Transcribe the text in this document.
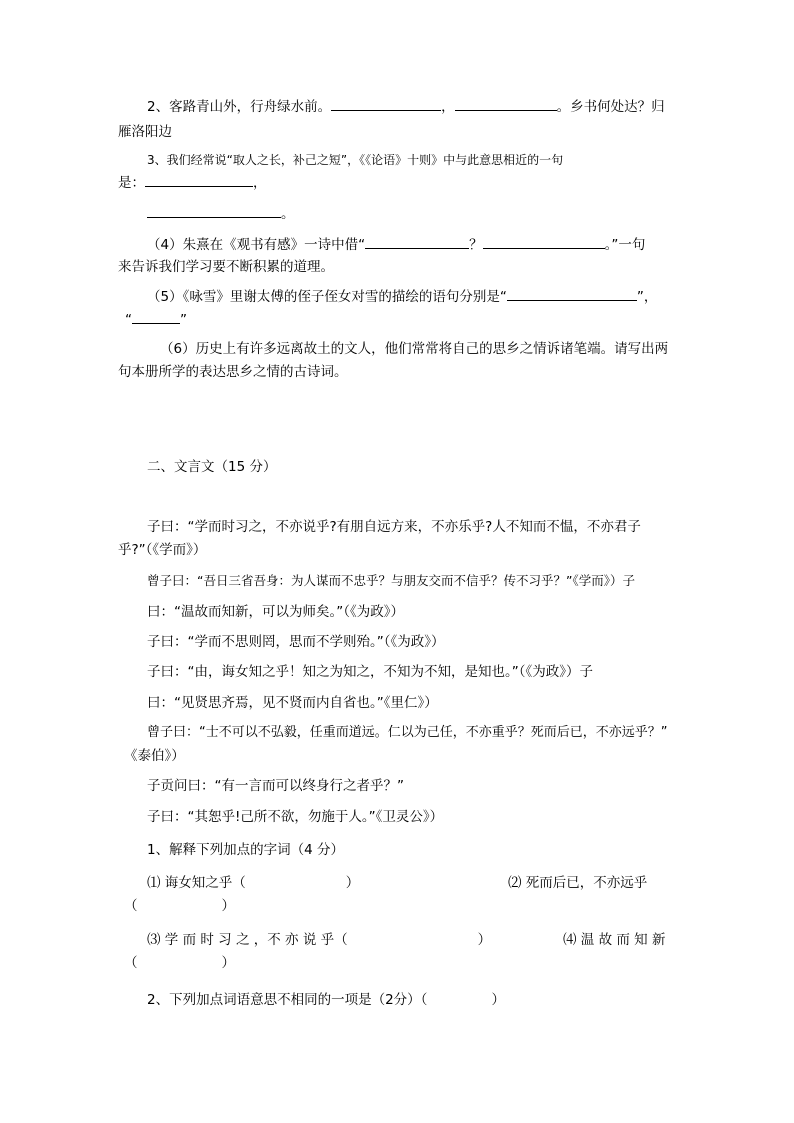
2、客路青山外，行舟绿水前。	，	。乡书何处达？归
雁洛阳边
3、我们经常说“取人之长，补己之短”，《《论语》十则》中与此意思相近的一句
是：	，
。
（4）朱熹在《观书有感》一诗中借“	？	。”一句
来告诉我们学习要不断积累的道理。
（5）《咏雪》里谢太傅的侄子侄女对雪的描绘的语句分别是“	”，
“	”
（6）历史上有许多远离故土的文人，他们常常将自己的思乡之情诉诸笔端。请写出两
句本册所学的表达思乡之情的古诗词。
二、文言文（15 分）
子曰：“学而时习之，不亦说乎?有朋自远方来，不亦乐乎?人不知而不愠，不亦君子
乎?”（《学而》）
曾子曰：“吾日三省吾身：为人谋而不忠乎？与朋友交而不信乎？传不习乎？”《学而》）子
曰：“温故而知新，可以为师矣。”（《为政》）
子曰：“学而不思则罔，思而不学则殆。”（《为政》）
子曰：“由，诲女知之乎！知之为知之，不知为不知，是知也。”（《为政》）子
曰：“见贤思齐焉，见不贤而内自省也。”《里仁》）
曾子曰：“士不可以不弘毅，任重而道远。仁以为己任，不亦重乎？死而后已，不亦远乎？”
《泰伯》）
子贡问曰：“有一言而可以终身行之者乎？”
子曰：“其恕乎!己所不欲，勿施于人。”《卫灵公》）
1、解释下列加点的字词（4 分）
⑴ 诲女知之乎（	）	⑵ 死而后已，不亦远乎
（	）
⑶ 学 而 时 习 之 ，不 亦 说 乎（	）	⑷ 温 故 而 知 新
（	）
2、下列加点词语意思不相同的一项是（2分）（	）
